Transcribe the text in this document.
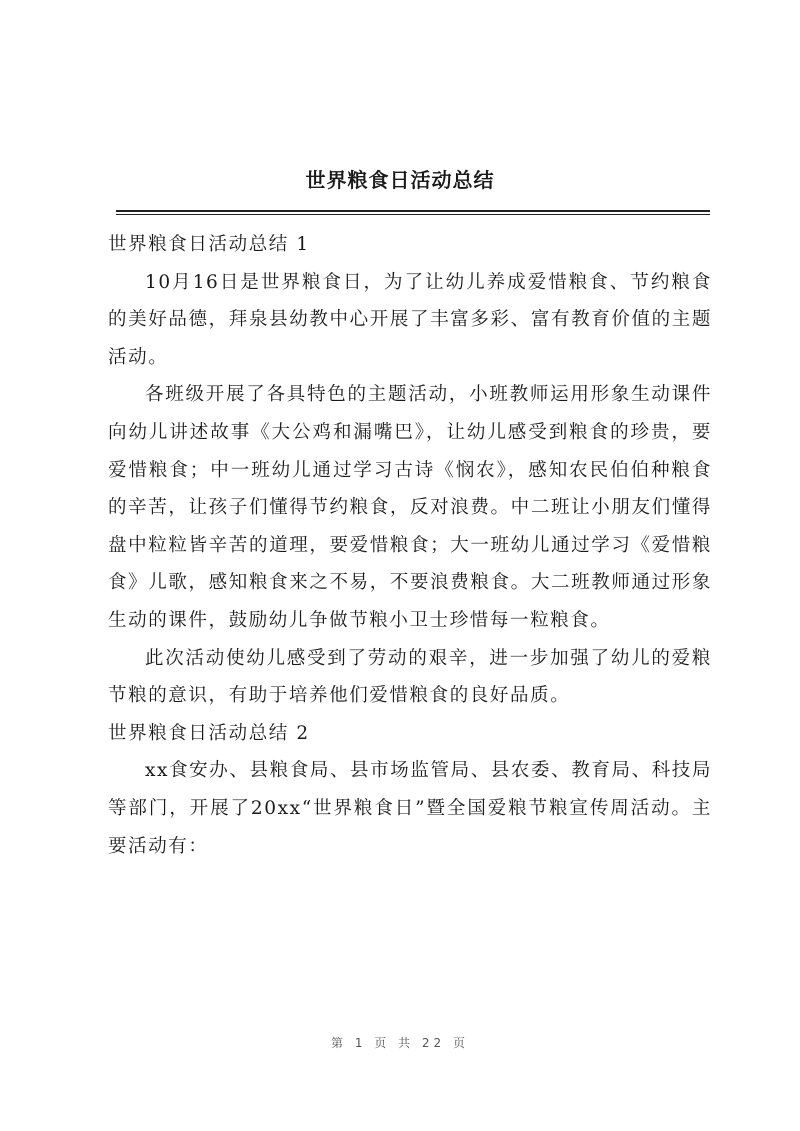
世界粮食日活动总结

世界粮食日活动总结 1

10月16日是世界粮食日，为了让幼儿养成爱惜粮食、节约粮食的美好品德，拜泉县幼教中心开展了丰富多彩、富有教育价值的主题活动。

各班级开展了各具特色的主题活动，小班教师运用形象生动课件向幼儿讲述故事《大公鸡和漏嘴巴》，让幼儿感受到粮食的珍贵，要爱惜粮食；中一班幼儿通过学习古诗《悯农》，感知农民伯伯种粮食的辛苦，让孩子们懂得节约粮食，反对浪费。中二班让小朋友们懂得盘中粒粒皆辛苦的道理，要爱惜粮食；大一班幼儿通过学习《爱惜粮食》儿歌，感知粮食来之不易，不要浪费粮食。大二班教师通过形象生动的课件，鼓励幼儿争做节粮小卫士珍惜每一粒粮食。

此次活动使幼儿感受到了劳动的艰辛，进一步加强了幼儿的爱粮节粮的意识，有助于培养他们爱惜粮食的良好品质。

世界粮食日活动总结 2

xx食安办、县粮食局、县市场监管局、县农委、教育局、科技局等部门，开展了20xx“世界粮食日”暨全国爱粮节粮宣传周活动。主要活动有：

第 1 页 共 22 页
